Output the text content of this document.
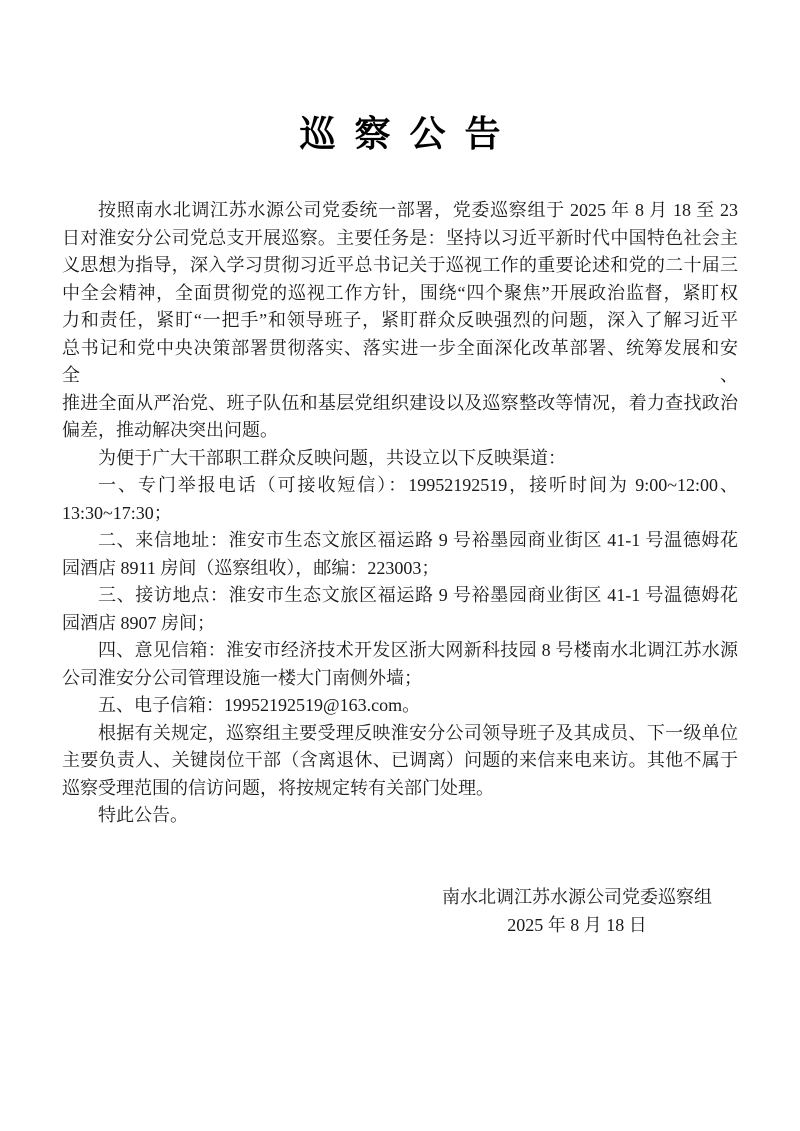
巡察公告
按照南水北调江苏水源公司党委统一部署，党委巡察组于 2025 年 8 月 18 至 23
日对淮安分公司党总支开展巡察。主要任务是：坚持以习近平新时代中国特色社会主
义思想为指导，深入学习贯彻习近平总书记关于巡视工作的重要论述和党的二十届三
中全会精神，全面贯彻党的巡视工作方针，围绕“四个聚焦”开展政治监督，紧盯权
力和责任，紧盯“一把手”和领导班子，紧盯群众反映强烈的问题，深入了解习近平
总书记和党中央决策部署贯彻落实、落实进一步全面深化改革部署、统筹发展和安全、
推进全面从严治党、班子队伍和基层党组织建设以及巡察整改等情况，着力查找政治
偏差，推动解决突出问题。
为便于广大干部职工群众反映问题，共设立以下反映渠道：
一、专门举报电话（可接收短信）：19952192519，接听时间为 9:00~12:00、
13:30~17:30；
二、来信地址：淮安市生态文旅区福运路 9 号裕墨园商业街区 41-1 号温德姆花
园酒店 8911 房间（巡察组收），邮编：223003；
三、接访地点：淮安市生态文旅区福运路 9 号裕墨园商业街区 41-1 号温德姆花
园酒店 8907 房间；
四、意见信箱：淮安市经济技术开发区浙大网新科技园 8 号楼南水北调江苏水源
公司淮安分公司管理设施一楼大门南侧外墙；
五、电子信箱：19952192519@163.com。
根据有关规定，巡察组主要受理反映淮安分公司领导班子及其成员、下一级单位
主要负责人、关键岗位干部（含离退休、已调离）问题的来信来电来访。其他不属于
巡察受理范围的信访问题，将按规定转有关部门处理。
特此公告。
南水北调江苏水源公司党委巡察组
2025 年 8 月 18 日
